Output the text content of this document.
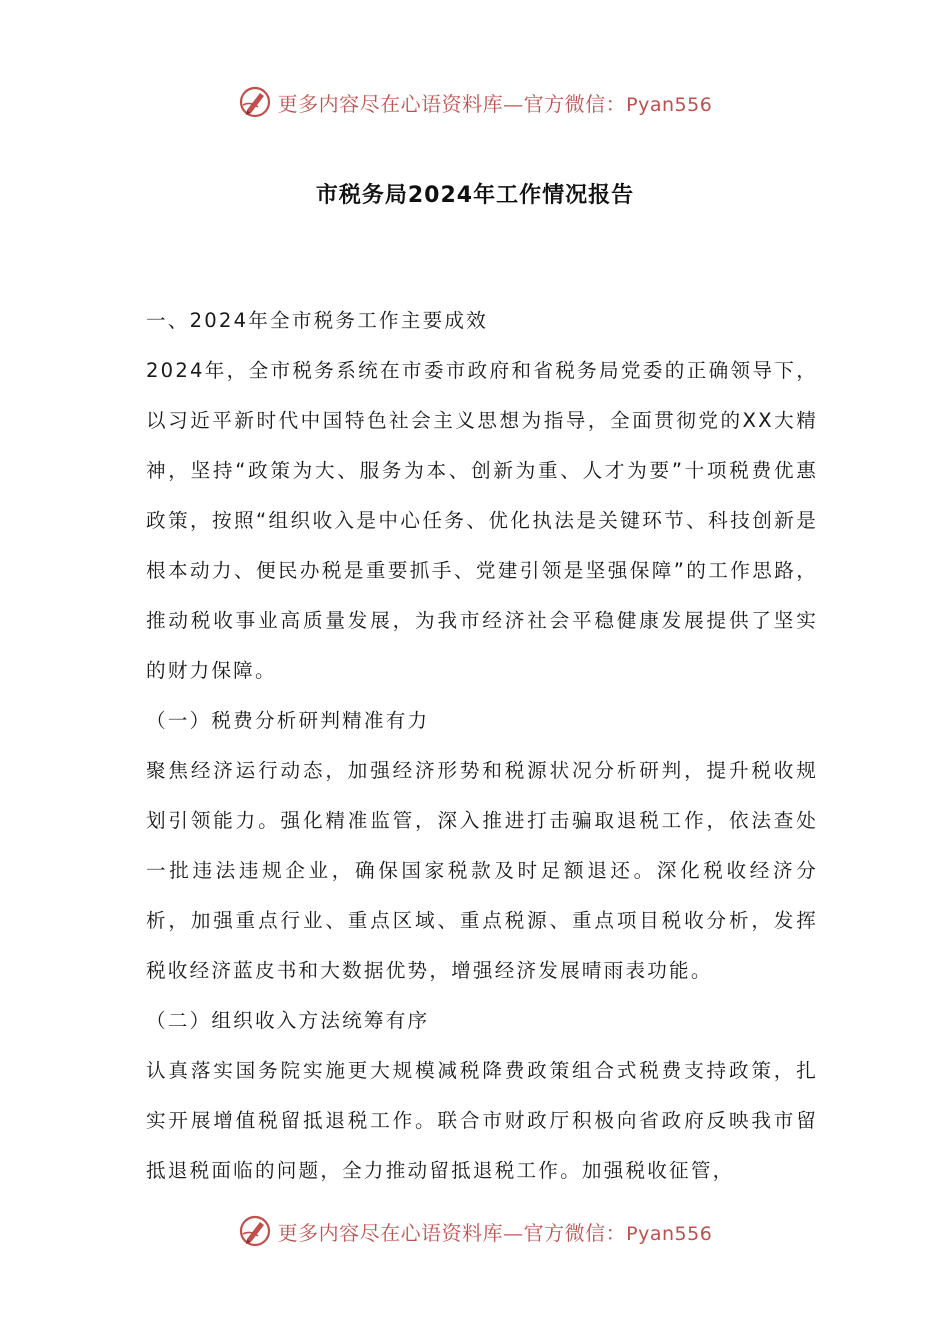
更多内容尽在心语资料库—官方微信：Pyan556
市税务局2024年工作情况报告

一、2024年全市税务工作主要成效

2024年，全市税务系统在市委市政府和省税务局党委的正确领导下，以习近平新时代中国特色社会主义思想为指导，全面贯彻党的XX大精神，坚持“政策为大、服务为本、创新为重、人才为要”十项税费优惠政策，按照“组织收入是中心任务、优化执法是关键环节、科技创新是根本动力、便民办税是重要抓手、党建引领是坚强保障”的工作思路，推动税收事业高质量发展，为我市经济社会平稳健康发展提供了坚实的财力保障。

（一）税费分析研判精准有力

聚焦经济运行动态，加强经济形势和税源状况分析研判，提升税收规划引领能力。强化精准监管，深入推进打击骗取退税工作，依法查处一批违法违规企业，确保国家税款及时足额退还。深化税收经济分析，加强重点行业、重点区域、重点税源、重点项目税收分析，发挥税收经济蓝皮书和大数据优势，增强经济发展晴雨表功能。

（二）组织收入方法统筹有序

认真落实国务院实施更大规模减税降费政策组合式税费支持政策，扎实开展增值税留抵退税工作。联合市财政厅积极向省政府反映我市留抵退税面临的问题，全力推动留抵退税工作。加强税收征管，

更多内容尽在心语资料库—官方微信：Pyan556
